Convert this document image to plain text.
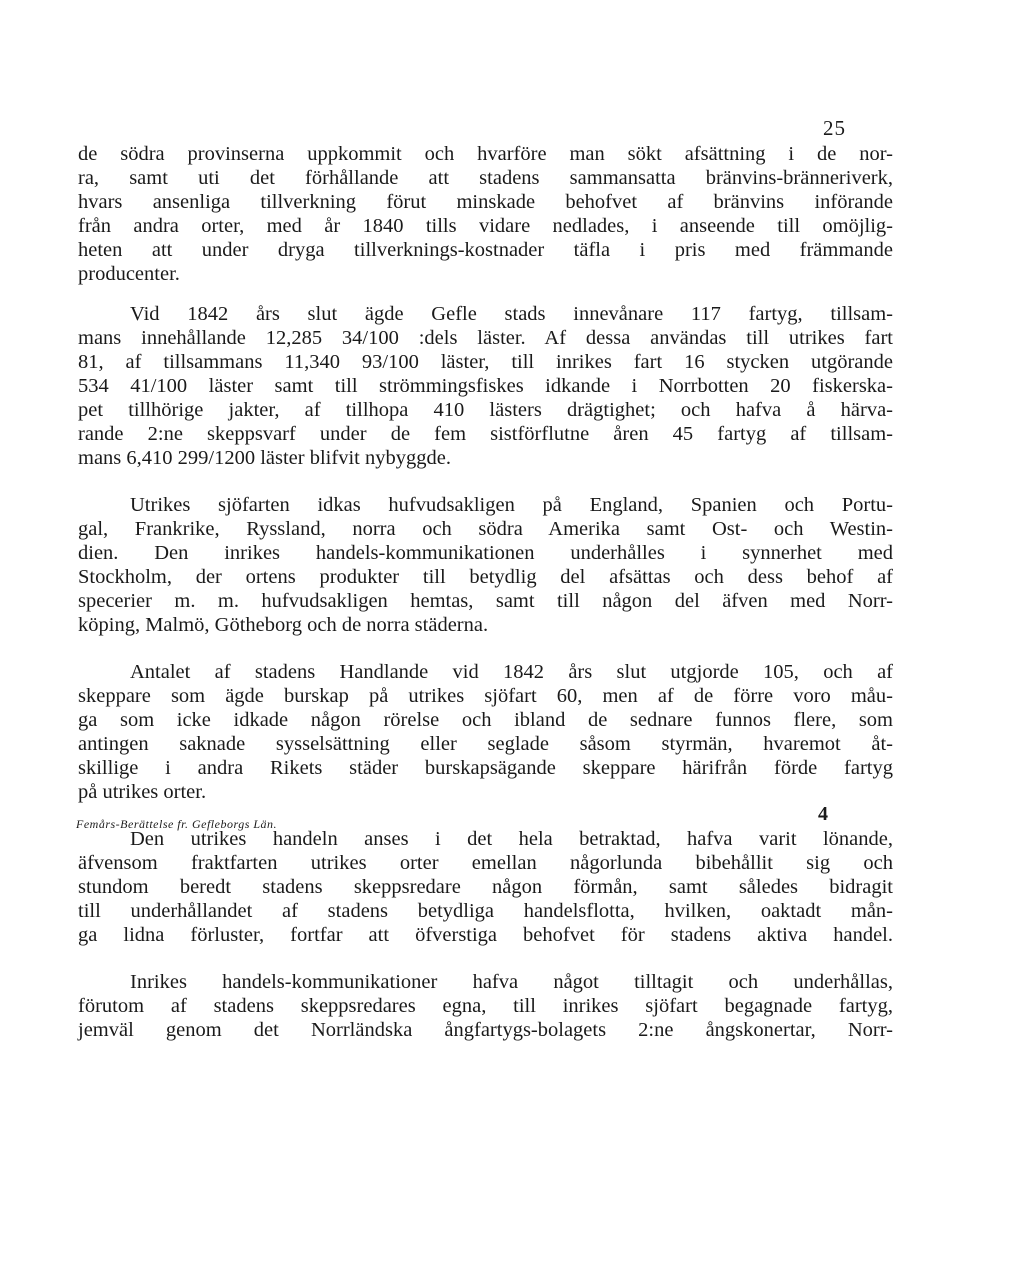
25
de södra provinserna uppkommit och hvarföre man sökt afsättning i de nor-
ra, samt uti det förhållande att stadens sammansatta bränvins-bränneriverk,
hvars ansenliga tillverkning förut minskade behofvet af bränvins införande
från andra orter, med år 1840 tills vidare nedlades, i anseende till omöjlig-
heten att under dryga tillverknings-kostnader täfla i pris med främmande
producenter.
Vid 1842 års slut ägde Gefle stads innevånare 117 fartyg, tillsam-
mans innehållande 12,285 34/100 :dels läster. Af dessa användas till utrikes fart
81, af tillsammans 11,340 93/100 läster, till inrikes fart 16 stycken utgörande
534 41/100 läster samt till strömmingsfiskes idkande i Norrbotten 20 fiskerska-
pet tillhörige jakter, af tillhopa 410 lästers drägtighet; och hafva å härva-
rande 2:ne skeppsvarf under de fem sistförflutne åren 45 fartyg af tillsam-
mans 6,410 299/1200 läster blifvit nybyggde.
Utrikes sjöfarten idkas hufvudsakligen på England, Spanien och Portu-
gal, Frankrike, Ryssland, norra och södra Amerika samt Ost- och Westin-
dien. Den inrikes handels-kommunikationen underhålles i synnerhet med
Stockholm, der ortens produkter till betydlig del afsättas och dess behof af
specerier m. m. hufvudsakligen hemtas, samt till någon del äfven med Norr-
köping, Malmö, Götheborg och de norra städerna.
Antalet af stadens Handlande vid 1842 års slut utgjorde 105, och af
skeppare som ägde burskap på utrikes sjöfart 60, men af de förre voro måu-
ga som icke idkade någon rörelse och ibland de sednare funnos flere, som
antingen saknade sysselsättning eller seglade såsom styrmän, hvaremot åt-
skillige i andra Rikets städer burskapsägande skeppare härifrån förde fartyg
på utrikes orter.
Den utrikes handeln anses i det hela betraktad, hafva varit lönande,
äfvensom fraktfarten utrikes orter emellan någorlunda bibehållit sig och
stundom beredt stadens skeppsredare någon förmån, samt således bidragit
till underhållandet af stadens betydliga handelsflotta, hvilken, oaktadt mån-
ga lidna förluster, fortfar att öfverstiga behofvet för stadens aktiva handel.
Inrikes handels-kommunikationer hafva något tilltagit och underhållas,
förutom af stadens skeppsredares egna, till inrikes sjöfart begagnade fartyg,
jemväl genom det Norrländska ångfartygs-bolagets 2:ne ångskonertar, Norr-
Femårs-Berättelse fr. Gefleborgs Län.	4
